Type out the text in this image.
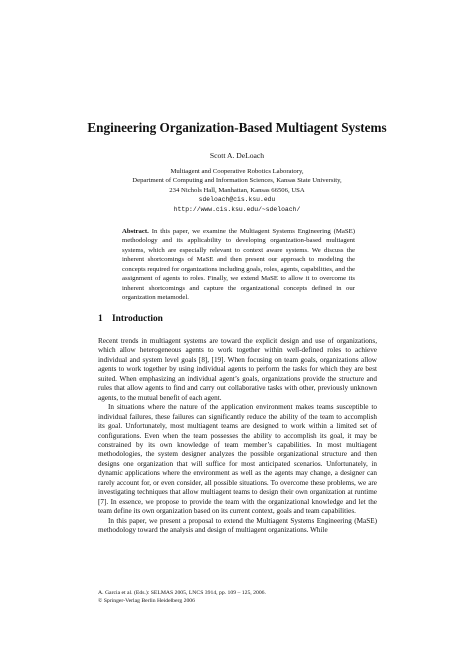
Engineering Organization-Based Multiagent Systems
Scott A. DeLoach
Multiagent and Cooperative Robotics Laboratory,
Department of Computing and Information Sciences, Kansas State University,
234 Nichols Hall, Manhattan, Kansas 66506, USA
sdeloach@cis.ksu.edu
http://www.cis.ksu.edu/~sdeloach/
Abstract. In this paper, we examine the Multiagent Systems Engineering (MaSE) methodology and its applicability to developing organization-based multiagent systems, which are especially relevant to context aware systems. We discuss the inherent shortcomings of MaSE and then present our approach to modeling the concepts required for organizations including goals, roles, agents, capabilities, and the assignment of agents to roles. Finally, we extend MaSE to allow it to overcome its inherent shortcomings and capture the organizational concepts defined in our organization metamodel.
1 Introduction

Recent trends in multiagent systems are toward the explicit design and use of organizations, which allow heterogeneous agents to work together within well-defined roles to achieve individual and system level goals [8], [19]. When focusing on team goals, organizations allow agents to work together by using individual agents to perform the tasks for which they are best suited. When emphasizing an individual agent’s goals, organizations provide the structure and rules that allow agents to find and carry out collaborative tasks with other, previously unknown agents, to the mutual benefit of each agent.

In situations where the nature of the application environment makes teams susceptible to individual failures, these failures can significantly reduce the ability of the team to accomplish its goal. Unfortunately, most multiagent teams are designed to work within a limited set of configurations. Even when the team possesses the ability to accomplish its goal, it may be constrained by its own knowledge of team member’s capabilities. In most multiagent methodologies, the system designer analyzes the possible organizational structure and then designs one organization that will suffice for most anticipated scenarios. Unfortunately, in dynamic applications where the environment as well as the agents may change, a designer can rarely account for, or even consider, all possible situations. To overcome these problems, we are investigating techniques that allow multiagent teams to design their own organization at runtime [7]. In essence, we propose to provide the team with the organizational knowledge and let the team define its own organization based on its current context, goals and team capabilities.

In this paper, we present a proposal to extend the Multiagent Systems Engineering (MaSE) methodology toward the analysis and design of multiagent organizations. While

A. Garcia et al. (Eds.): SELMAS 2005, LNCS 3914, pp. 109 – 125, 2006.
© Springer-Verlag Berlin Heidelberg 2006
